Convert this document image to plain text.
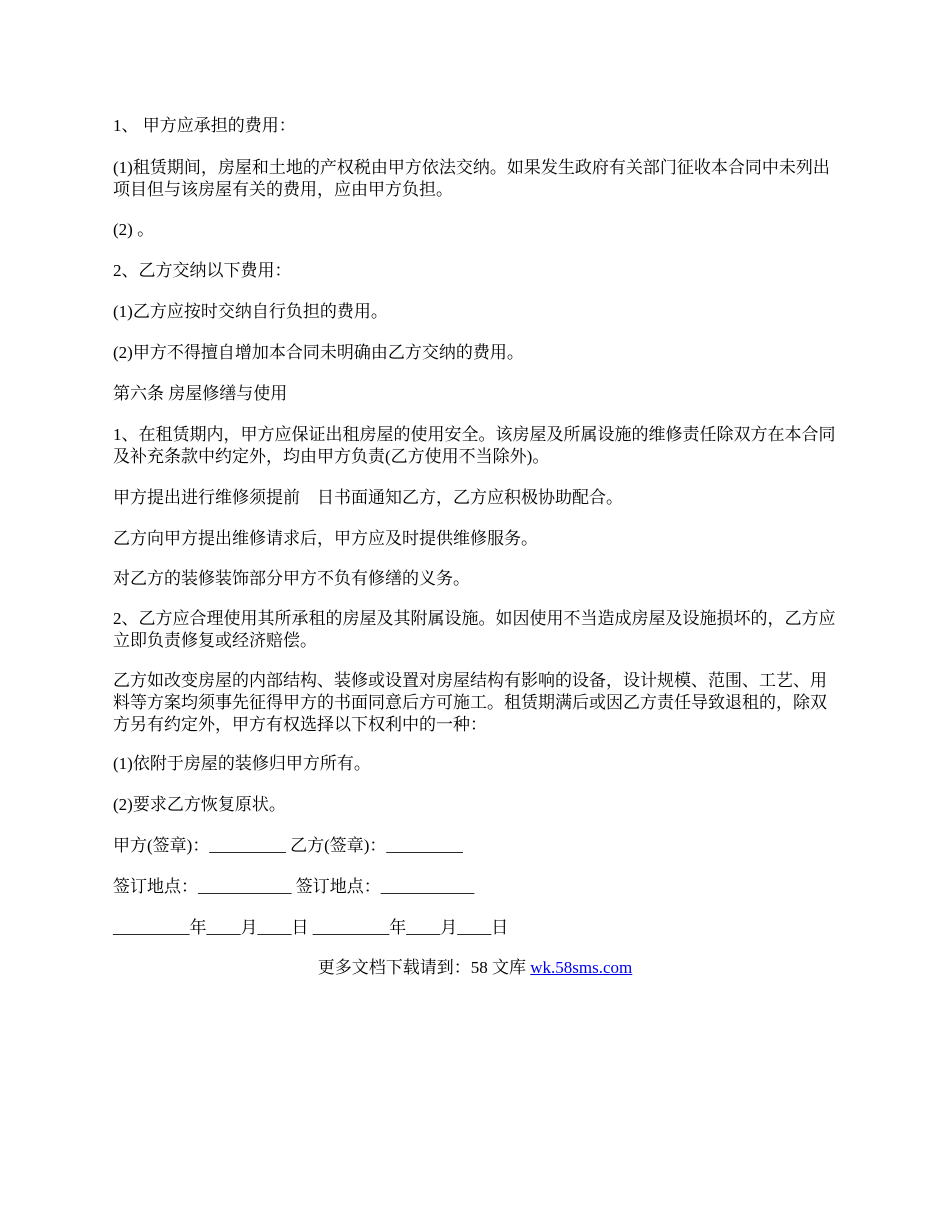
1、 甲方应承担的费用：
(1)租赁期间，房屋和土地的产权税由甲方依法交纳。如果发生政府有关部门征收本合同中未列出项目但与该房屋有关的费用，应由甲方负担。
(2) 。
2、乙方交纳以下费用：
(1)乙方应按时交纳自行负担的费用。
(2)甲方不得擅自增加本合同未明确由乙方交纳的费用。
第六条 房屋修缮与使用
1、在租赁期内，甲方应保证出租房屋的使用安全。该房屋及所属设施的维修责任除双方在本合同及补充条款中约定外，均由甲方负责(乙方使用不当除外)。
甲方提出进行维修须提前　日书面通知乙方，乙方应积极协助配合。
乙方向甲方提出维修请求后，甲方应及时提供维修服务。
对乙方的装修装饰部分甲方不负有修缮的义务。
2、乙方应合理使用其所承租的房屋及其附属设施。如因使用不当造成房屋及设施损坏的，乙方应立即负责修复或经济赔偿。
乙方如改变房屋的内部结构、装修或设置对房屋结构有影响的设备，设计规模、范围、工艺、用料等方案均须事先征得甲方的书面同意后方可施工。租赁期满后或因乙方责任导致退租的，除双方另有约定外，甲方有权选择以下权利中的一种：
(1)依附于房屋的装修归甲方所有。
(2)要求乙方恢复原状。
甲方(签章)：_________ 乙方(签章)：_________
签订地点：___________ 签订地点：___________
_________年____月____日 _________年____月____日
更多文档下载请到：58 文库 wk.58sms.com
